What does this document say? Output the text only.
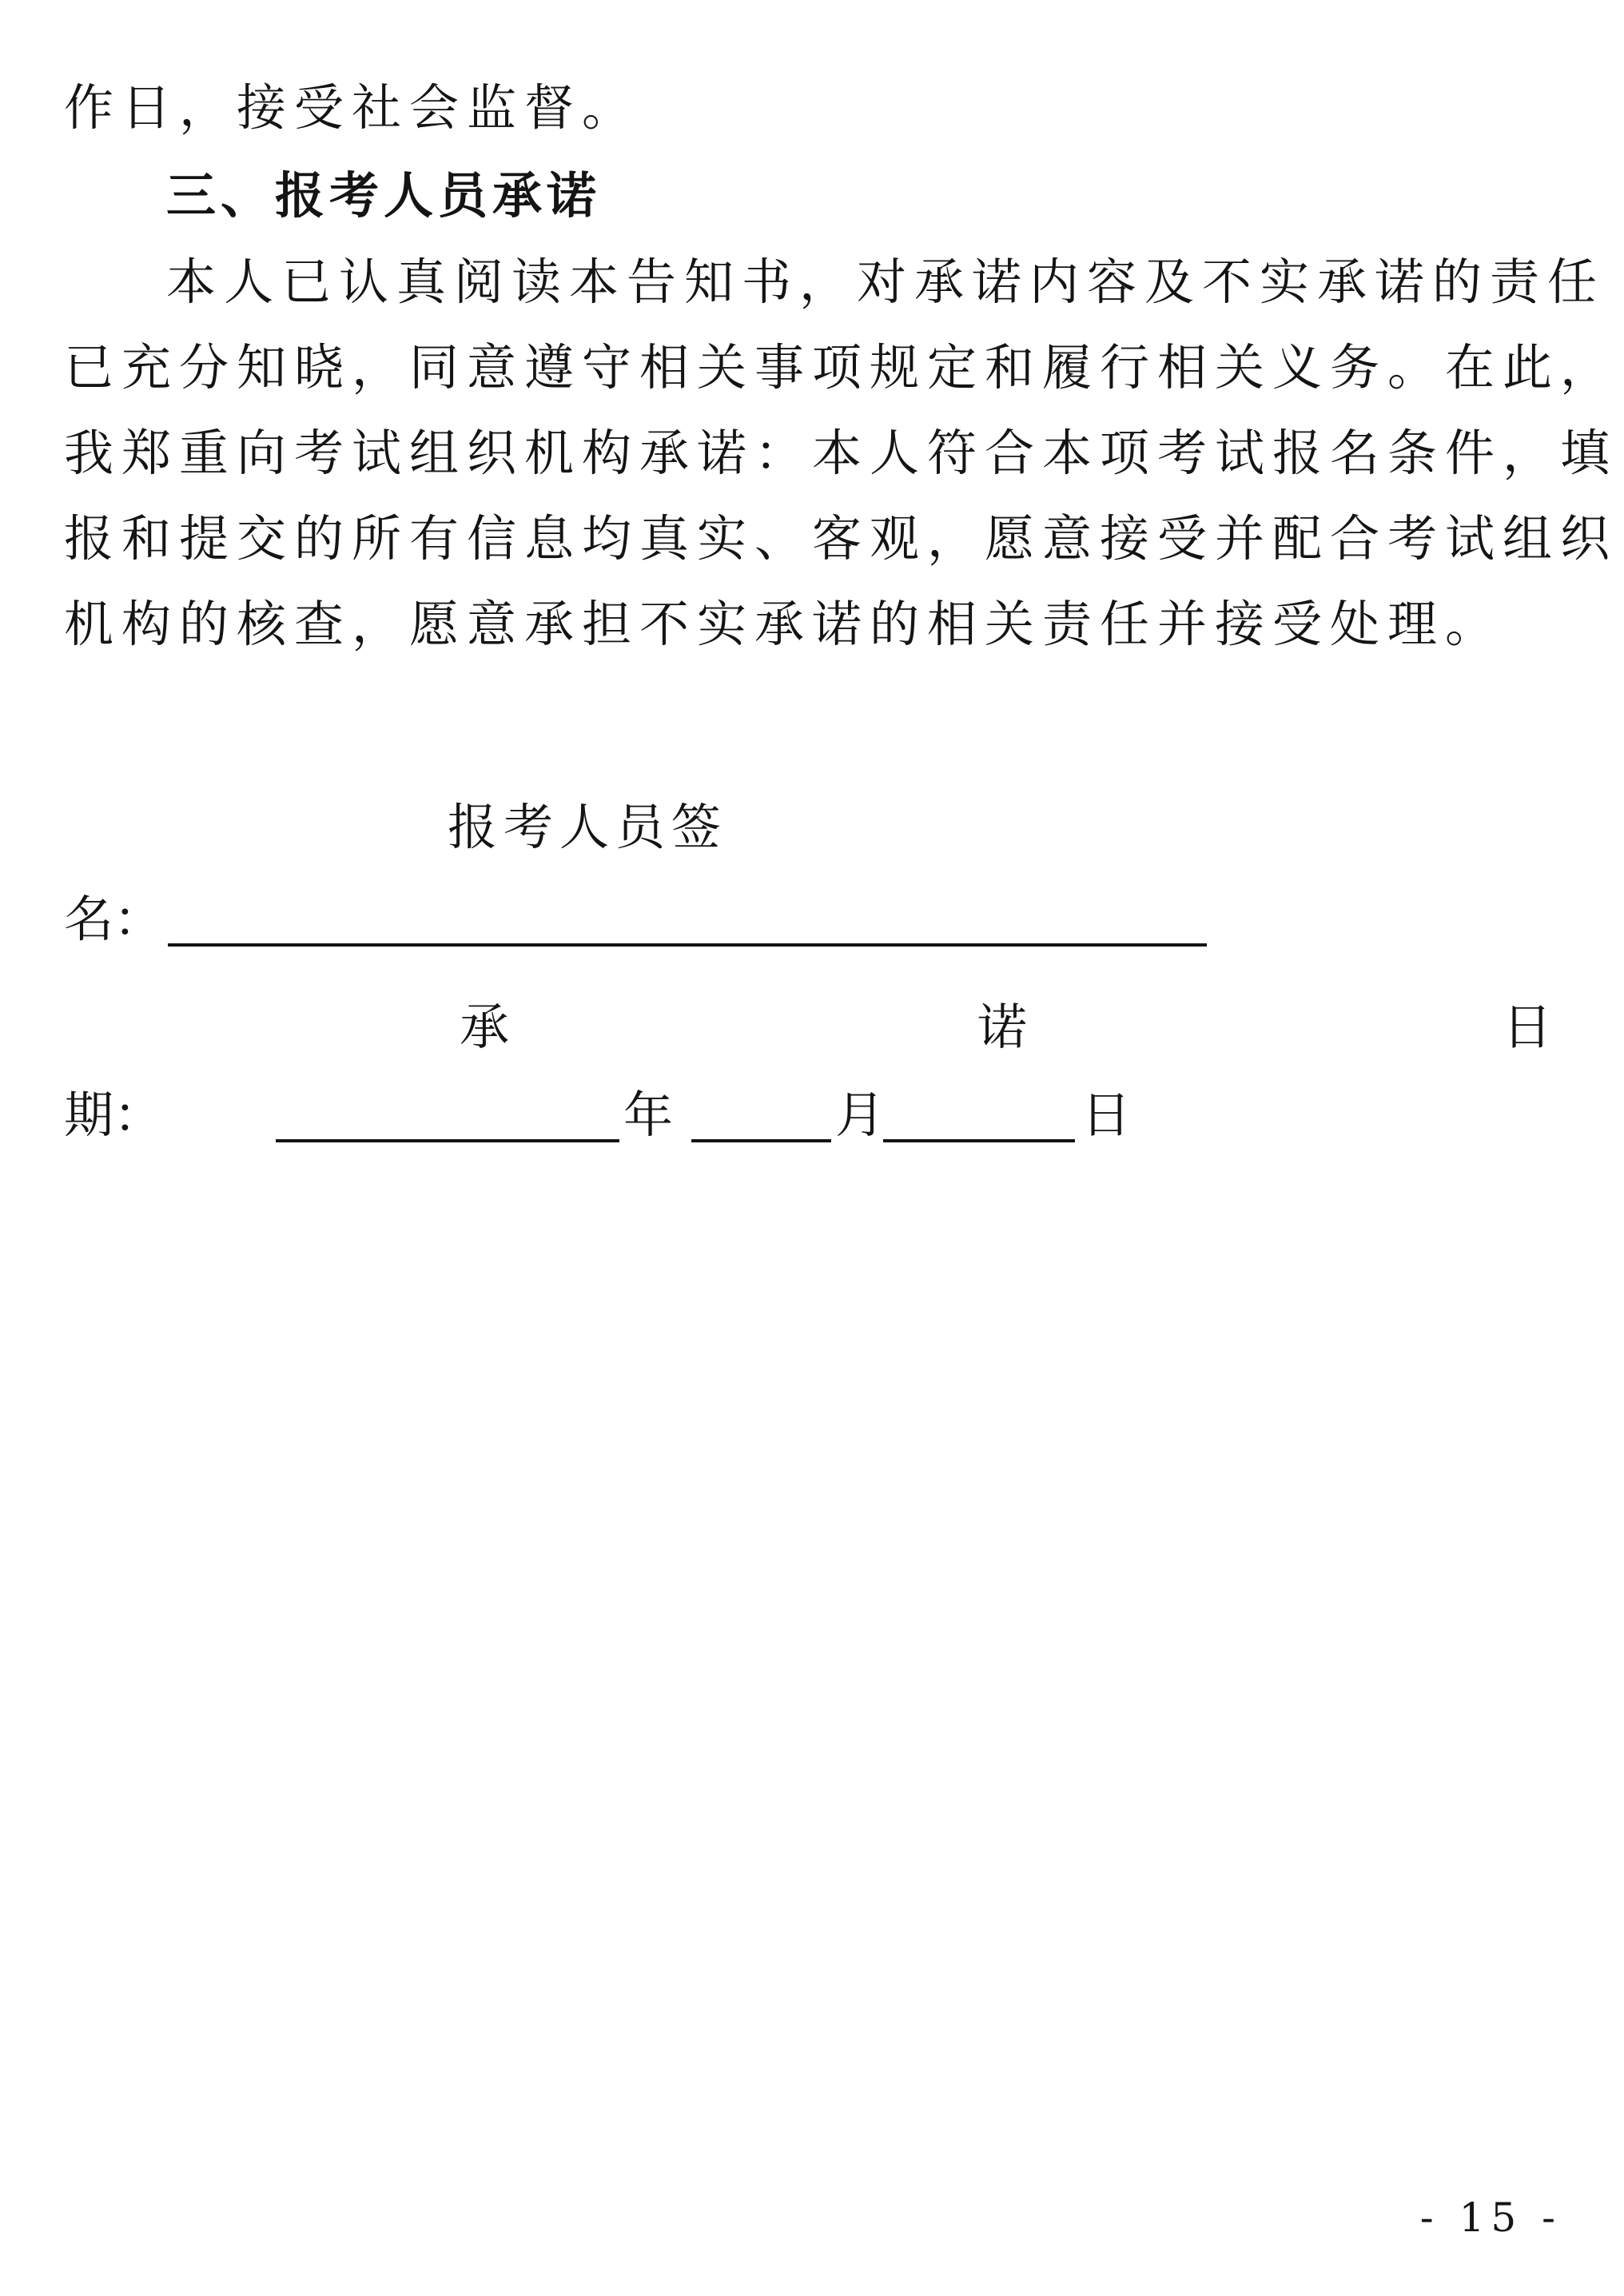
作日，接受社会监督。
三、报考人员承诺
本人已认真阅读本告知书，对承诺内容及不实承诺的责任
已充分知晓，同意遵守相关事项规定和履行相关义务。在此，
我郑重向考试组织机构承诺：本人符合本项考试报名条件，填
报和提交的所有信息均真实、客观，愿意接受并配合考试组织
机构的核查，愿意承担不实承诺的相关责任并接受处理。
报考人员签
名：
承	诺	日
期：	年	月	日
- 15 -
